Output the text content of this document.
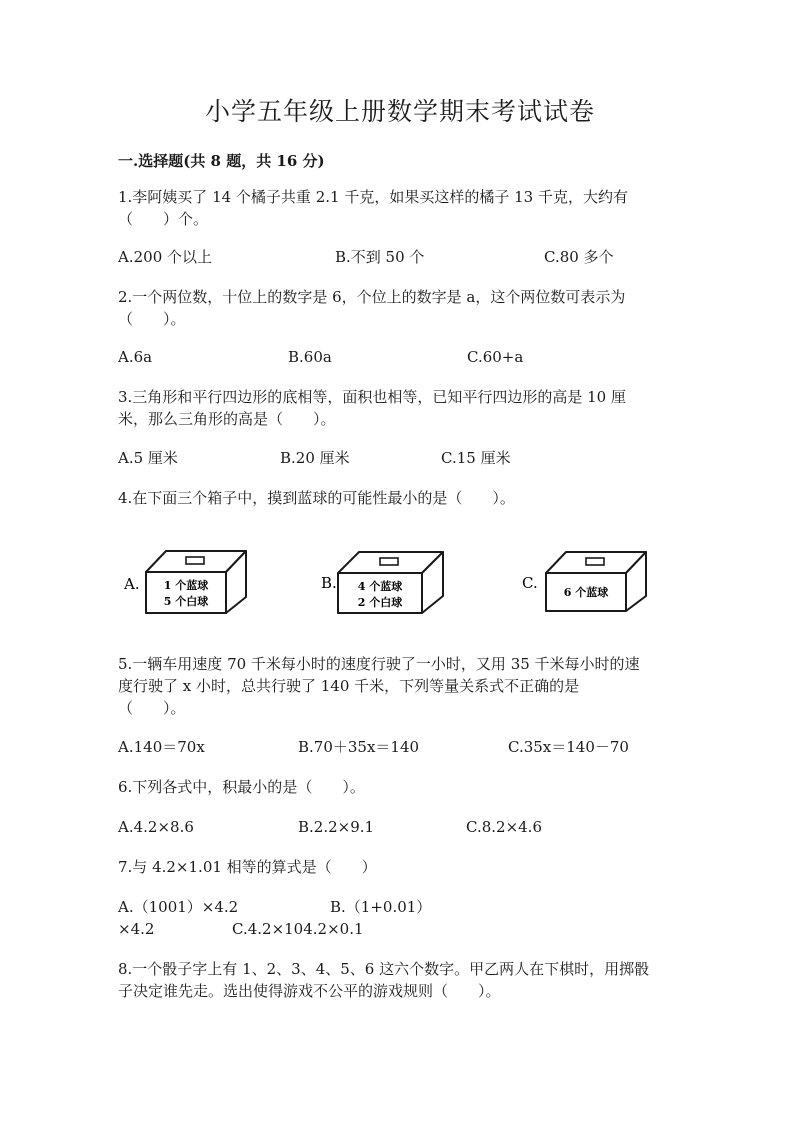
小学五年级上册数学期末考试试卷
一.选择题(共 8 题，共 16 分)
1.李阿姨买了 14 个橘子共重 2.1 千克，如果买这样的橘子 13 千克，大约有
（　　）个。
A.200 个以上	B.不到 50 个	C.80 多个
2.一个两位数，十位上的数字是 6，个位上的数字是 a，这个两位数可表示为
（　　）。
A.6a	B.60a	C.60+a
3.三角形和平行四边形的底相等，面积也相等，已知平行四边形的高是 10 厘
米，那么三角形的高是（　　）。
A.5 厘米	B.20 厘米	C.15 厘米
4.在下面三个箱子中，摸到蓝球的可能性最小的是（　　）。
A. 1 个蓝球
5 个白球
B. 4 个蓝球
2 个白球
C.
6 个蓝球
5.一辆车用速度 70 千米每小时的速度行驶了一小时，又用 35 千米每小时的速
度行驶了 x 小时，总共行驶了 140 千米，下列等量关系式不正确的是
（　　）。
A.140＝70x	B.70＋35x＝140	C.35x＝140－70
6.下列各式中，积最小的是（　　）。
A.4.2×8.6	B.2.2×9.1	C.8.2×4.6
7.与 4.2×1.01 相等的算式是（　　）
A.（1001）×4.2	B.（1+0.01）
×4.2	C.4.2×104.2×0.1
8.一个骰子字上有 1、2、3、4、5、6 这六个数字。甲乙两人在下棋时，用掷骰
子决定谁先走。选出使得游戏不公平的游戏规则（　　）。
